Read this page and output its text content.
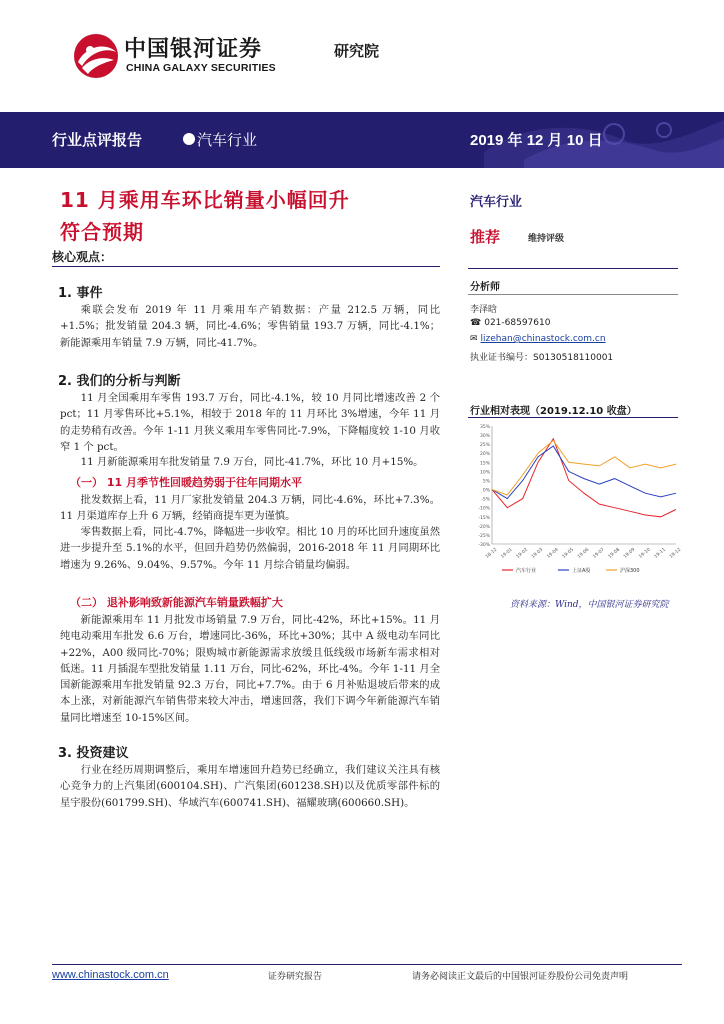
中国银河证券
CHINA GALAXY SECURITIES
研究院
行业点评报告	汽车行业	2019 年 12 月 10 日
11 月乘用车环比销量小幅回升
符合预期
核心观点：
1. 事件
乘联会发布 2019 年 11 月乘用车产销数据：产量 212.5 万辆，同比+1.5%；批发销量 204.3 辆，同比-4.6%；零售销量 193.7 万辆，同比-4.1%；新能源乘用车销量 7.9 万辆，同比-41.7%。
2. 我们的分析与判断
11 月全国乘用车零售 193.7 万台，同比-4.1%，较 10 月同比增速改善 2 个 pct；11 月零售环比+5.1%，相较于 2018 年的 11 月环比 3%增速，今年 11 月的走势稍有改善。今年 1-11 月狭义乘用车零售同比-7.9%，下降幅度较 1-10 月收窄 1 个 pct。
11 月新能源乘用车批发销量 7.9 万台，同比-41.7%，环比 10 月+15%。
（一） 11 月季节性回暖趋势弱于往年同期水平
批发数据上看，11 月厂家批发销量 204.3 万辆，同比-4.6%，环比+7.3%。11 月渠道库存上升 6 万辆，经销商提车更为谨慎。
零售数据上看，同比-4.7%，降幅进一步收窄。相比 10 月的环比回升速度虽然进一步提升至 5.1%的水平，但回升趋势仍然偏弱，2016-2018 年 11 月同期环比增速为 9.26%、9.04%、9.57%。今年 11 月综合销量均偏弱。
（二） 退补影响致新能源汽车销量跌幅扩大
新能源乘用车 11 月批发市场销量 7.9 万台，同比-42%，环比+15%。11 月纯电动乘用车批发 6.6 万台，增速同比-36%，环比+30%；其中 A 级电动车同比+22%，A00 级同比-70%；限购城市新能源需求放缓且低线级市场新车需求相对低迷。11 月插混车型批发销量 1.11 万台，同比-62%，环比-4%。今年 1-11 月全国新能源乘用车批发销量 92.3 万台，同比+7.7%。由于 6 月补贴退坡后带来的成本上涨，对新能源汽车销售带来较大冲击，增速回落，我们下调今年新能源汽车销量同比增速至 10-15%区间。
3. 投资建议
行业在经历周期调整后，乘用车增速回升趋势已经确立，我们建议关注具有核心竞争力的上汽集团(600104.SH)、广汽集团(601238.SH)以及优质零部件标的星宇股份(601799.SH)、华域汽车(600741.SH)、福耀玻璃(600660.SH)。
汽车行业
推荐	维持评级
分析师
李泽晗
☎ 021-68597610
✉ lizehan@chinastock.com.cn
执业证书编号：S0130518110001
行业相对表现（2019.12.10 收盘）
35%
30%
25%
20%
15%
10%
5%
0%
-5%
-10%
-15%
-20%
-25%
-30%
18-12 19-01 19-02 19-03 19-04 19-05 19-06 19-07 19-08 19-09 19-10 19-11 19-12
汽车行业	上证A股	沪深300
资料来源：Wind，中国银河证券研究院
www.chinastock.com.cn	证券研究报告	请务必阅读正文最后的中国银河证券股份公司免责声明
